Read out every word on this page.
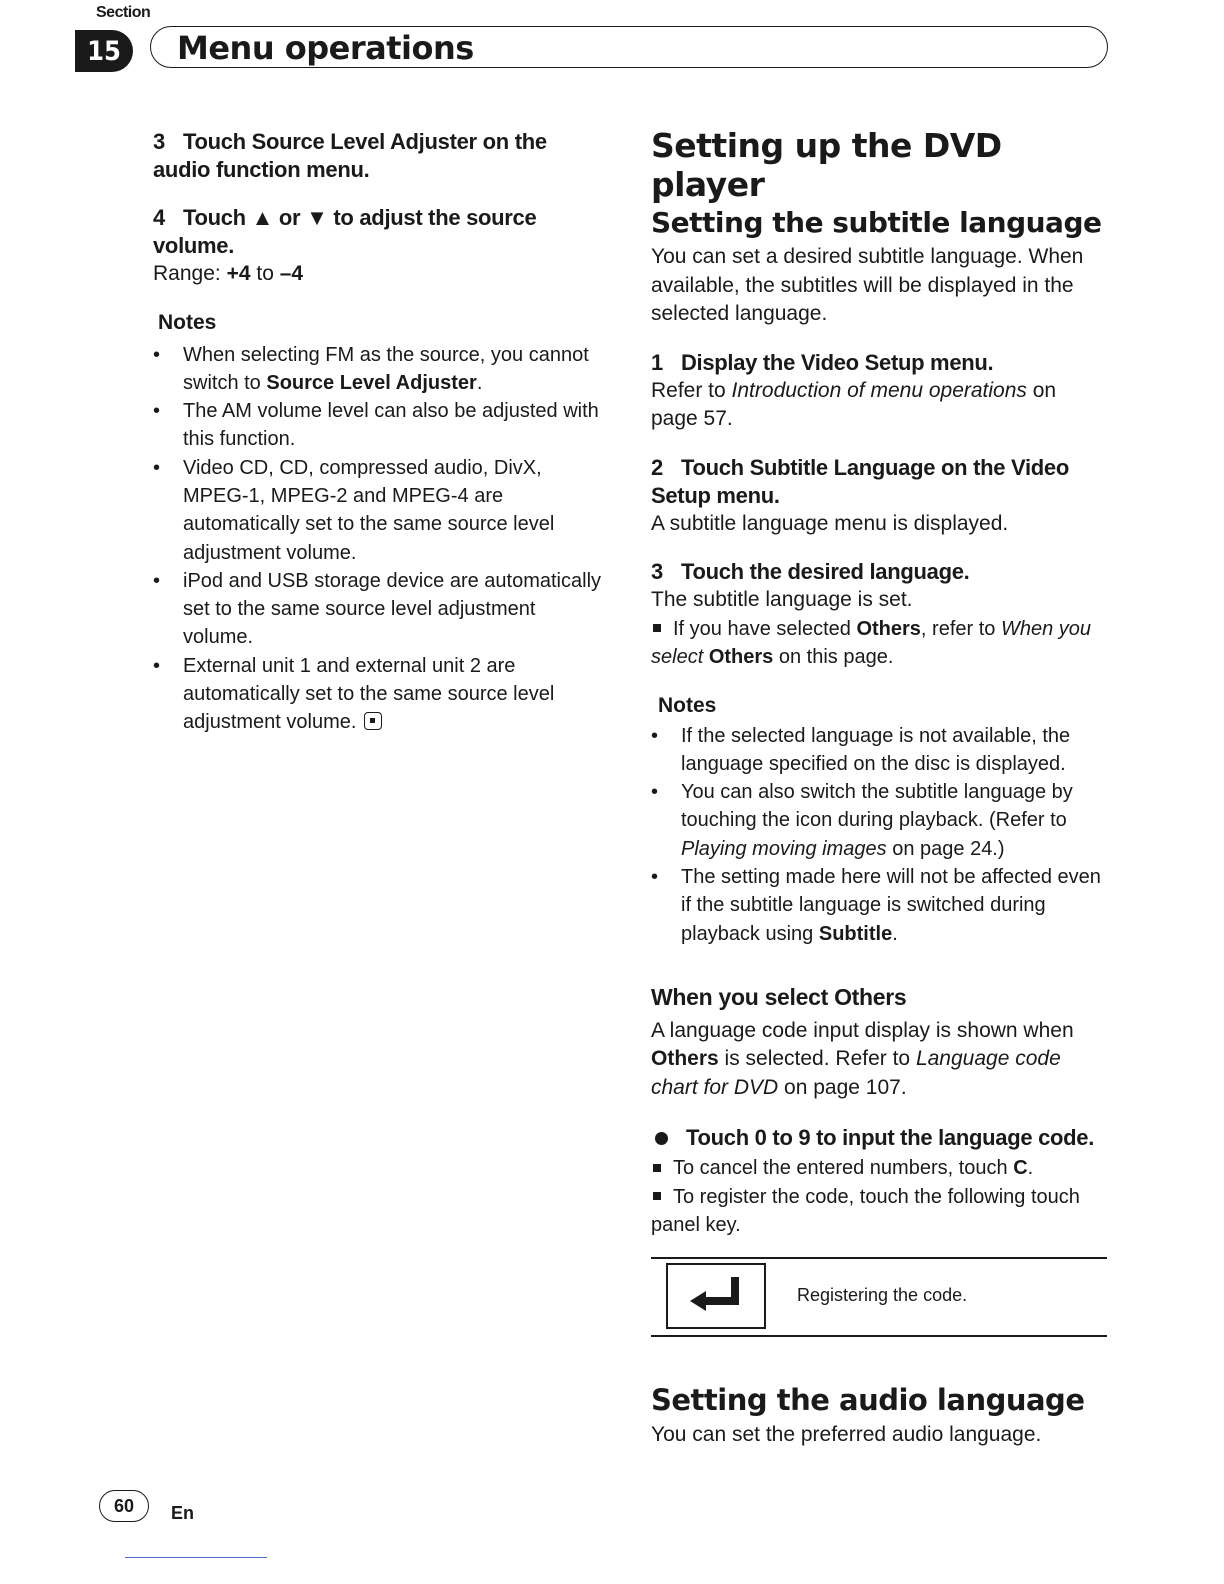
Section
15	Menu operations
3 Touch Source Level Adjuster on the audio function menu.
4 Touch ▲ or ▼ to adjust the source volume.
Range: +4 to –4
Notes
• When selecting FM as the source, you cannot switch to Source Level Adjuster.
• The AM volume level can also be adjusted with this function.
• Video CD, CD, compressed audio, DivX, MPEG-1, MPEG-2 and MPEG-4 are automatically set to the same source level adjustment volume.
• iPod and USB storage device are automatically set to the same source level adjustment volume.
• External unit 1 and external unit 2 are automatically set to the same source level adjustment volume.
Setting up the DVD player
Setting the subtitle language
You can set a desired subtitle language. When available, the subtitles will be displayed in the selected language.
1 Display the Video Setup menu.
Refer to Introduction of menu operations on page 57.
2 Touch Subtitle Language on the Video Setup menu.
A subtitle language menu is displayed.
3 Touch the desired language.
The subtitle language is set.
If you have selected Others, refer to When you select Others on this page.
Notes
• If the selected language is not available, the language specified on the disc is displayed.
• You can also switch the subtitle language by touching the icon during playback. (Refer to Playing moving images on page 24.)
• The setting made here will not be affected even if the subtitle language is switched during playback using Subtitle.
When you select Others
A language code input display is shown when Others is selected. Refer to Language code chart for DVD on page 107.
Touch 0 to 9 to input the language code.
To cancel the entered numbers, touch C.
To register the code, touch the following touch panel key.
Registering the code.
Setting the audio language
You can set the preferred audio language.
60	En
